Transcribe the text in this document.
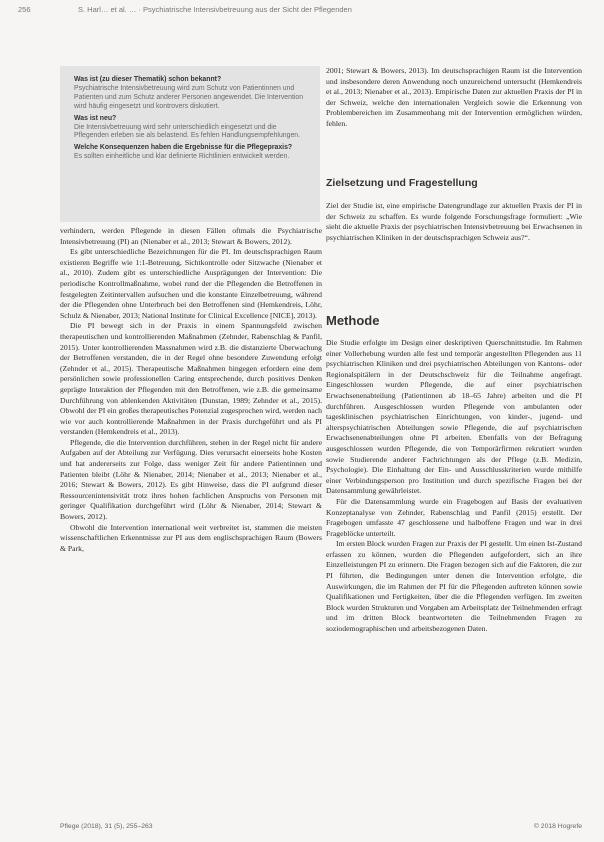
256	S. Harl… et al. … · Psychiatrische Intensivbetreuung aus der Sicht der Pflegenden
Was ist (zu dieser Thematik) schon bekannt?
Psychiatrische Intensivbetreuung wird zum Schutz von Patientinnen und Patienten und zum Schutz anderer Personen angewendet. Die Intervention wird häufig eingesetzt und kontrovers diskutiert.
Was ist neu?
Die Intensivbetreuung wird sehr unterschiedlich eingesetzt und die Pflegenden erleben sie als belastend. Es fehlen Handlungsempfehlungen.
Welche Konsequenzen haben die Ergebnisse für die Pflegepraxis?
Es sollten einheitliche und klar definierte Richtlinien entwickelt werden.

verhindern, werden Pflegende in diesen Fällen oftmals die Psychiatrische Intensivbetreuung (PI) an (Nienaber et al., 2013; Stewart & Bowers, 2012).

Es gibt unterschiedliche Bezeichnungen für die PI. Im deutschsprachigen Raum existieren Begriffe wie 1:1-Betreuung, Sichtkontrolle oder Sitzwache (Nienaber et al., 2010). Zudem gibt es unterschiedliche Ausprägungen der Intervention: Die periodische Kontrollmaßnahme, wobei rund der die Pflegenden die Betroffenen in festgelegten Zeitintervallen aufsuchen und die konstante Einzelbetreuung, während der die Pflegenden ohne Unterbruch bei den Betroffenen sind (Hemkendreis, Löhr, Schulz & Nienaber, 2013; National Institute for Clinical Excellence [NICE], 2013).

Die PI bewegt sich in der Praxis in einem Spannungsfeld zwischen therapeutischen und kontrollierenden Maßnahmen (Zehnder, Rabenschlag & Panfil, 2015). Unter kontrollierenden Massnahmen wird z.B. die distanzierte Überwachung der Betroffenen verstanden, die in der Regel ohne besondere Zuwendung erfolgt (Zehnder et al., 2015). Therapeutische Maßnahmen hingegen erfordern eine dem persönlichen sowie professionellen Caring entsprechende, durch positives Denken geprägte Interaktion der Pflegenden mit den Betroffenen, wie z.B. die gemeinsame Durchführung von ablenkenden Aktivitäten (Dunstan, 1989; Zehnder et al., 2015). Obwohl der PI ein großes therapeutisches Potenzial zugesprochen wird, werden nach wie vor auch kontrollierende Maßnahmen in der Praxis durchgeführt und als PI verstanden (Hemkendreis et al., 2013).

Pflegende, die die Intervention durchführen, stehen in der Regel nicht für andere Aufgaben auf der Abteilung zur Verfügung. Dies verursacht einerseits hohe Kosten und hat andererseits zur Folge, dass weniger Zeit für andere Patientinnen und Patienten bleibt (Löhr & Nienaber, 2014; Nienaber et al., 2013; Nienaber et al., 2016; Stewart & Bowers, 2012). Es gibt Hinweise, dass die PI aufgrund dieser Ressourcenintensivität trotz ihres hohen fachlichen Anspruchs von Personen mit geringer Qualifikation durchgeführt wird (Löhr & Nienaber, 2014; Stewart & Bowers, 2012).

Obwohl die Intervention international weit verbreitet ist, stammen die meisten wissenschaftlichen Erkenntnisse zur PI aus dem englischsprachigen Raum (Bowers & Park,

2001; Stewart & Bowers, 2013). Im deutschsprachigen Raum ist die Intervention und insbesondere deren Anwendung noch unzureichend untersucht (Hemkendreis et al., 2013; Nienaber et al., 2013). Empirische Daten zur aktuellen Praxis der PI in der Schweiz, welche den internationalen Vergleich sowie die Erkennung von Problembereichen im Zusammenhang mit der Intervention ermöglichen würden, fehlen.

Zielsetzung und Fragestellung

Ziel der Studie ist, eine empirische Datengrundlage zur aktuellen Praxis der PI in der Schweiz zu schaffen. Es wurde folgende Forschungsfrage formuliert: „Wie sieht die aktuelle Praxis der psychiatrischen Intensivbetreuung bei Erwachsenen in psychiatrischen Kliniken in der deutschsprachigen Schweiz aus?“.

Methode

Die Studie erfolgte im Design einer deskriptiven Querschnittstudie. Im Rahmen einer Vollerhebung wurden alle fest und temporär angestellten Pflegenden aus 11 psychiatrischen Kliniken und drei psychiatrischen Abteilungen von Kantons- oder Regionalspitälern in der Deutschschweiz für die Teilnahme angefragt. Eingeschlossen wurden Pflegende, die auf einer psychiatrischen Erwachsenenabteilung (Patientinnen ab 18–65 Jahre) arbeiten und die PI durchführen. Ausgeschlossen wurden Pflegende von ambulanten oder tagesklinischen psychiatrischen Einrichtungen, von kinder-, jugend- und alterspsychiatrischen Abteilungen sowie Pflegende, die auf psychiatrischen Erwachsenenabteilungen ohne PI arbeiten. Ebenfalls von der Befragung ausgeschlossen wurden Pflegende, die von Temporärfirmen rekrutiert wurden sowie Studierende anderer Fachrichtungen als der Pflege (z.B. Medizin, Psychologie). Die Einhaltung der Ein- und Ausschlusskriterien wurde mithilfe einer Verbindungsperson pro Institution und durch spezifische Fragen bei der Datensammlung gewährleistet.

Für die Datensammlung wurde ein Fragebogen auf Basis der evaluativen Konzeptanalyse von Zehnder, Rabenschlag und Panfil (2015) erstellt. Der Fragebogen umfasste 47 geschlossene und halboffene Fragen und war in drei Frageblöcke unterteilt.

Im ersten Block wurden Fragen zur Praxis der PI gestellt. Um einen Ist-Zustand erfassen zu können, wurden die Pflegenden aufgefordert, sich an ihre Einzelleistungen PI zu erinnern. Die Fragen bezogen sich auf die Faktoren, die zur PI führten, die Bedingungen unter denen die Intervention erfolgte, die Auswirkungen, die im Rahmen der PI für die Pflegenden auftreten können sowie Qualifikationen und Fertigkeiten, über die die Pflegenden verfügen. Im zweiten Block wurden Strukturen und Vorgaben am Arbeitsplatz der Teilnehmenden erfragt und im dritten Block beantworteten die Teilnehmenden Fragen zu soziodemographischen und arbeitsbezogenen Daten.

Pflege (2018), 31 (5), 255–263	© 2018 Hogrefe
